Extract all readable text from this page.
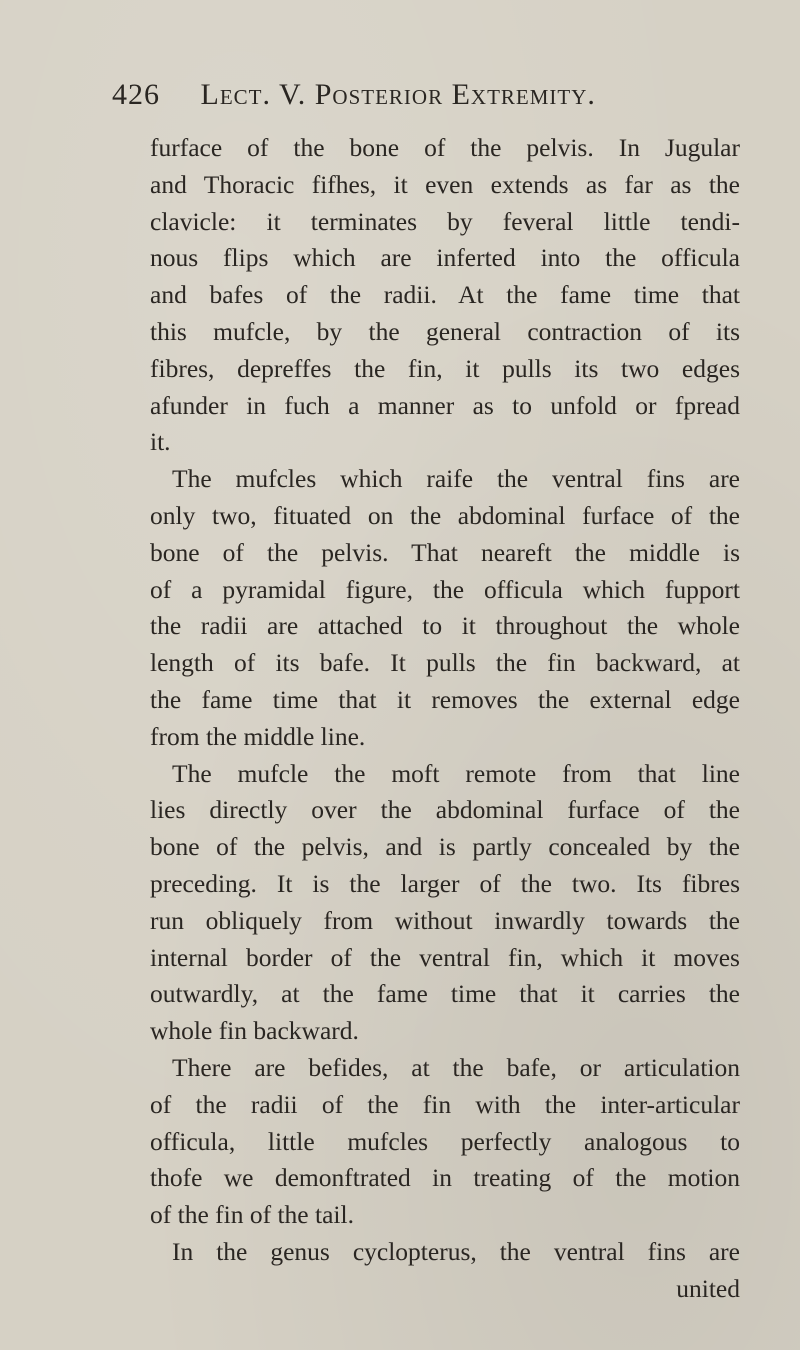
426 Lect. V. Posterior Extremity.
furface of the bone of the pelvis. In Jugular
and Thoracic fifhes, it even extends as far as the
clavicle: it terminates by feveral little tendi-
nous flips which are inferted into the officula
and bafes of the radii. At the fame time that
this mufcle, by the general contraction of its
fibres, depreffes the fin, it pulls its two edges
afunder in fuch a manner as to unfold or fpread
it.
The mufcles which raife the ventral fins are
only two, fituated on the abdominal furface of the
bone of the pelvis. That neareft the middle is
of a pyramidal figure, the officula which fupport
the radii are attached to it throughout the whole
length of its bafe. It pulls the fin backward, at
the fame time that it removes the external edge
from the middle line.
The mufcle the moft remote from that line
lies directly over the abdominal furface of the
bone of the pelvis, and is partly concealed by the
preceding. It is the larger of the two. Its fibres
run obliquely from without inwardly towards the
internal border of the ventral fin, which it moves
outwardly, at the fame time that it carries the
whole fin backward.
There are befides, at the bafe, or articulation
of the radii of the fin with the inter-articular
officula, little mufcles perfectly analogous to
thofe we demonftrated in treating of the motion
of the fin of the tail.
In the genus cyclopterus, the ventral fins are
united
